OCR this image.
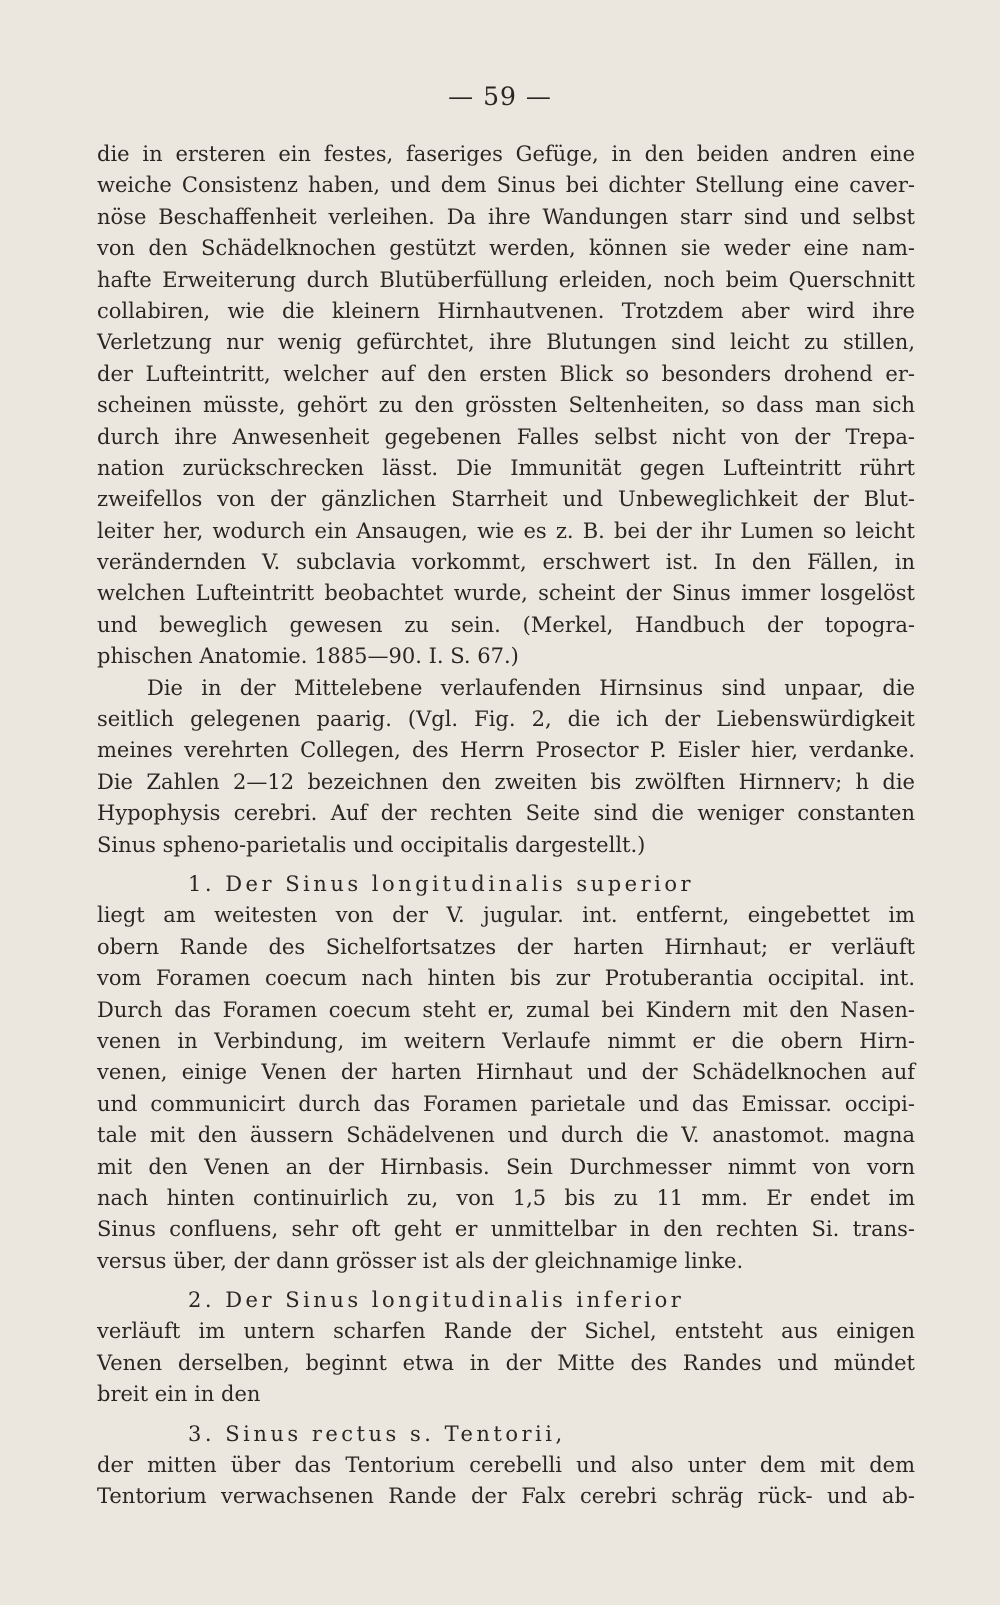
— 59 —
die in ersteren ein festes, faseriges Gefüge, in den beiden andren eine
weiche Consistenz haben, und dem Sinus bei dichter Stellung eine caver-
nöse Beschaffenheit verleihen. Da ihre Wandungen starr sind und selbst
von den Schädelknochen gestützt werden, können sie weder eine nam-
hafte Erweiterung durch Blutüberfüllung erleiden, noch beim Querschnitt
collabiren, wie die kleinern Hirnhautvenen. Trotzdem aber wird ihre
Verletzung nur wenig gefürchtet, ihre Blutungen sind leicht zu stillen,
der Lufteintritt, welcher auf den ersten Blick so besonders drohend er-
scheinen müsste, gehört zu den grössten Seltenheiten, so dass man sich
durch ihre Anwesenheit gegebenen Falles selbst nicht von der Trepa-
nation zurückschrecken lässt. Die Immunität gegen Lufteintritt rührt
zweifellos von der gänzlichen Starrheit und Unbeweglichkeit der Blut-
leiter her, wodurch ein Ansaugen, wie es z. B. bei der ihr Lumen so leicht
verändernden V. subclavia vorkommt, erschwert ist. In den Fällen, in
welchen Lufteintritt beobachtet wurde, scheint der Sinus immer losgelöst
und beweglich gewesen zu sein. (Merkel, Handbuch der topogra-
phischen Anatomie. 1885—90. I. S. 67.)
Die in der Mittelebene verlaufenden Hirnsinus sind unpaar, die
seitlich gelegenen paarig. (Vgl. Fig. 2, die ich der Liebenswürdigkeit
meines verehrten Collegen, des Herrn Prosector P. Eisler hier, verdanke.
Die Zahlen 2—12 bezeichnen den zweiten bis zwölften Hirnnerv; h die
Hypophysis cerebri. Auf der rechten Seite sind die weniger constanten
Sinus spheno-parietalis und occipitalis dargestellt.)
1. Der Sinus longitudinalis superior
liegt am weitesten von der V. jugular. int. entfernt, eingebettet im
obern Rande des Sichelfortsatzes der harten Hirnhaut; er verläuft
vom Foramen coecum nach hinten bis zur Protuberantia occipital. int.
Durch das Foramen coecum steht er, zumal bei Kindern mit den Nasen-
venen in Verbindung, im weitern Verlaufe nimmt er die obern Hirn-
venen, einige Venen der harten Hirnhaut und der Schädelknochen auf
und communicirt durch das Foramen parietale und das Emissar. occipi-
tale mit den äussern Schädelvenen und durch die V. anastomot. magna
mit den Venen an der Hirnbasis. Sein Durchmesser nimmt von vorn
nach hinten continuirlich zu, von 1,5 bis zu 11 mm. Er endet im
Sinus confluens, sehr oft geht er unmittelbar in den rechten Si. trans-
versus über, der dann grösser ist als der gleichnamige linke.
2. Der Sinus longitudinalis inferior
verläuft im untern scharfen Rande der Sichel, entsteht aus einigen
Venen derselben, beginnt etwa in der Mitte des Randes und mündet
breit ein in den
3. Sinus rectus s. Tentorii,
der mitten über das Tentorium cerebelli und also unter dem mit dem
Tentorium verwachsenen Rande der Falx cerebri schräg rück- und ab-
